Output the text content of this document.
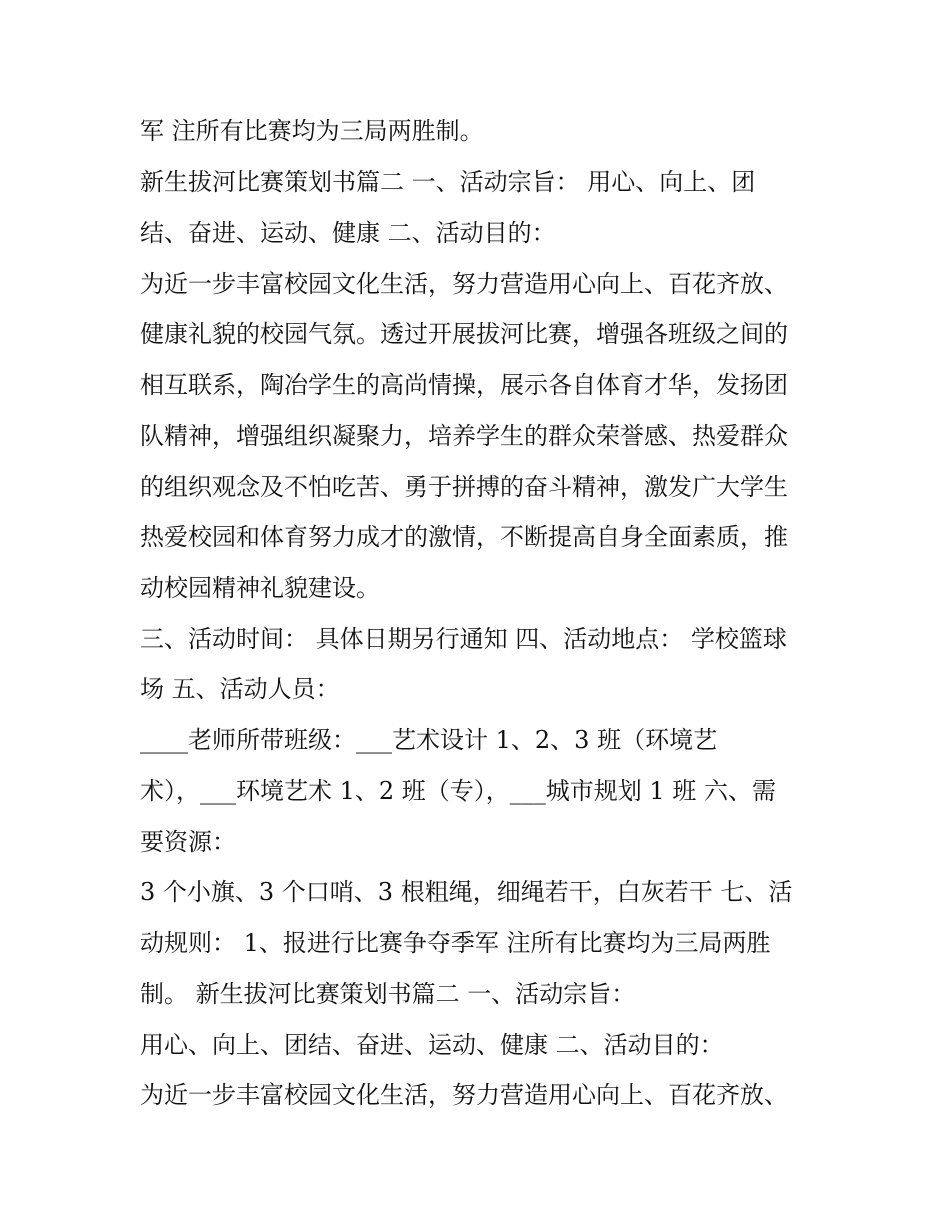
军 注所有比赛均为三局两胜制。
新生拔河比赛策划书篇二 一、活动宗旨： 用心、向上、团
结、奋进、运动、健康 二、活动目的：
为近一步丰富校园文化生活，努力营造用心向上、百花齐放、
健康礼貌的校园气氛。透过开展拔河比赛，增强各班级之间的
相互联系，陶冶学生的高尚情操，展示各自体育才华，发扬团
队精神，增强组织凝聚力，培养学生的群众荣誉感、热爱群众
的组织观念及不怕吃苦、勇于拼搏的奋斗精神，激发广大学生
热爱校园和体育努力成才的激情，不断提高自身全面素质，推
动校园精神礼貌建设。
三、活动时间： 具体日期另行通知 四、活动地点： 学校篮球
场 五、活动人员：
____老师所带班级：___艺术设计 1、2、3 班（环境艺
术），___环境艺术 1、2 班（专），___城市规划 1 班 六、需
要资源：
3 个小旗、3 个口哨、3 根粗绳，细绳若干，白灰若干 七、活
动规则： 1、报进行比赛争夺季军 注所有比赛均为三局两胜
制。 新生拔河比赛策划书篇二 一、活动宗旨：
用心、向上、团结、奋进、运动、健康 二、活动目的：
为近一步丰富校园文化生活，努力营造用心向上、百花齐放、
